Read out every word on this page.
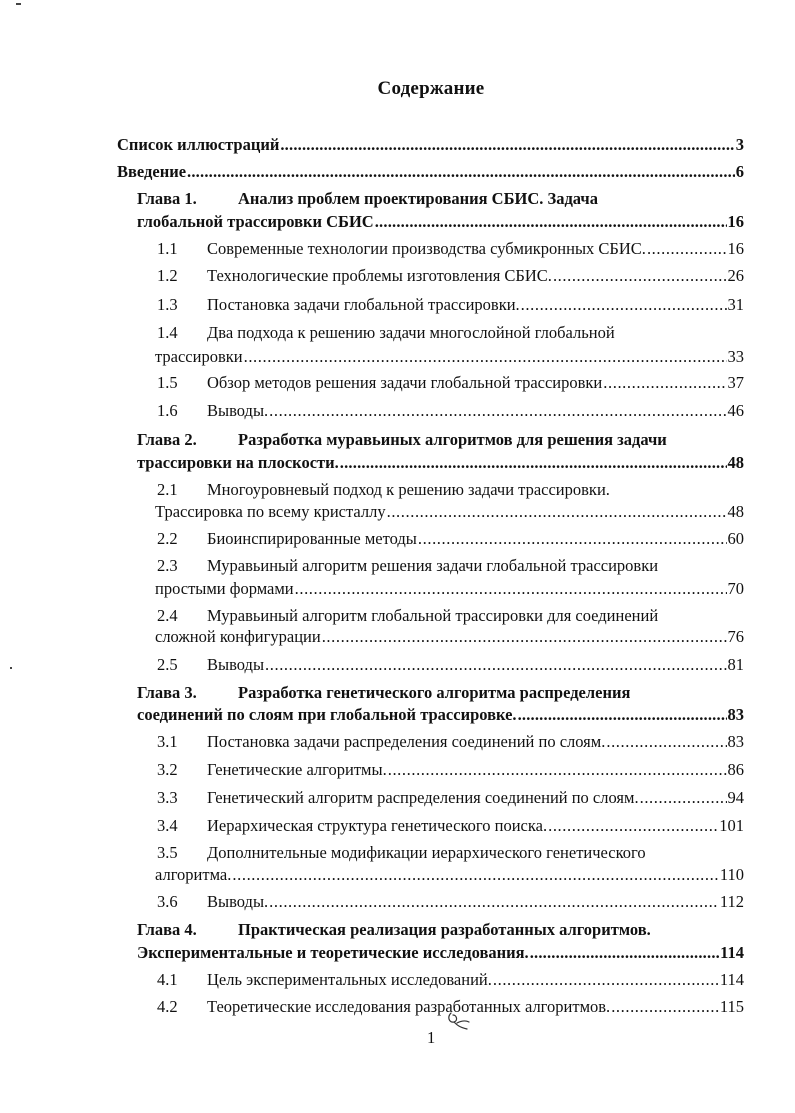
Содержание
Список иллюстраций .....	3
Введение .....	6
Глава 1. Анализ проблем проектирования СБИС. Задача
глобальной трассировки СБИС .....	16
1.1	Современные технологии производства субмикронных СБИС. .....	16
1.2	Технологические проблемы изготовления СБИС. .....	26
1.3	Постановка задачи глобальной трассировки. .....	31
1.4 Два подхода к решению задачи многослойной глобальной
трассировки .....	33
1.5	Обзор методов решения задачи глобальной трассировки .....	37
1.6	Выводы. .....	46
Глава 2. Разработка муравьиных алгоритмов для решения задачи
трассировки на плоскости. .....	48
2.1 Многоуровневый подход к решению задачи трассировки.
Трассировка по всему кристаллу .....	48
2.2	Биоинспирированные методы .....	60
2.3 Муравьиный алгоритм решения задачи глобальной трассировки
простыми формами .....	70
2.4 Муравьиный алгоритм глобальной трассировки для соединений
сложной конфигурации .....	76
2.5	Выводы .....	81
Глава 3. Разработка генетического алгоритма распределения
соединений по слоям при глобальной трассировке. .....	83
3.1	Постановка задачи распределения соединений по слоям. .....	83
3.2	Генетические алгоритмы. .....	86
3.3	Генетический алгоритм распределения соединений по слоям. .....	94
3.4	Иерархическая структура генетического поиска. .....	101
3.5 Дополнительные модификации иерархического генетического
алгоритма. .....	110
3.6	Выводы. .....	112
Глава 4. Практическая реализация разработанных алгоритмов.
Экспериментальные и теоретические исследования. .....	114
4.1	Цель экспериментальных исследований. .....	114
4.2	Теоретические исследования разработанных алгоритмов. .....	115
1
